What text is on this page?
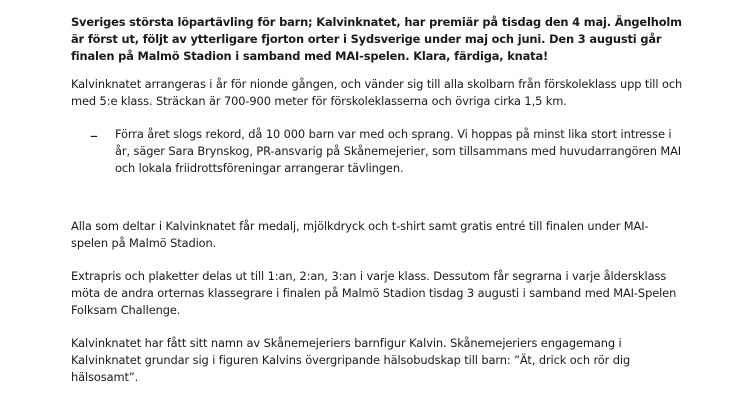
Sveriges största löpartävling för barn; Kalvinknatet, har premiär på tisdag den 4 maj. Ängelholm är först ut, följt av ytterligare fjorton orter i Sydsverige under maj och juni. Den 3 augusti går finalen på Malmö Stadion i samband med MAI-spelen. Klara, färdiga, knata!

Kalvinknatet arrangeras i år för nionde gången, och vänder sig till alla skolbarn från förskoleklass upp till och med 5:e klass. Sträckan är 700-900 meter för förskoleklasserna och övriga cirka 1,5 km.

– Förra året slogs rekord, då 10 000 barn var med och sprang. Vi hoppas på minst lika stort intresse i år, säger Sara Brynskog, PR-ansvarig på Skånemejerier, som tillsammans med huvudarrangören MAI och lokala friidrottsföreningar arrangerar tävlingen.

Alla som deltar i Kalvinknatet får medalj, mjölkdryck och t-shirt samt gratis entré till finalen under MAI-spelen på Malmö Stadion.

Extrapris och plaketter delas ut till 1:an, 2:an, 3:an i varje klass. Dessutom får segrarna i varje åldersklass möta de andra orternas klassegrare i finalen på Malmö Stadion tisdag 3 augusti i samband med MAI-Spelen Folksam Challenge.

Kalvinknatet har fått sitt namn av Skånemejeriers barnfigur Kalvin. Skånemejeriers engagemang i Kalvinknatet grundar sig i figuren Kalvins övergripande hälsobudskap till barn: ”Ät, drick och rör dig hälsosamt”.
